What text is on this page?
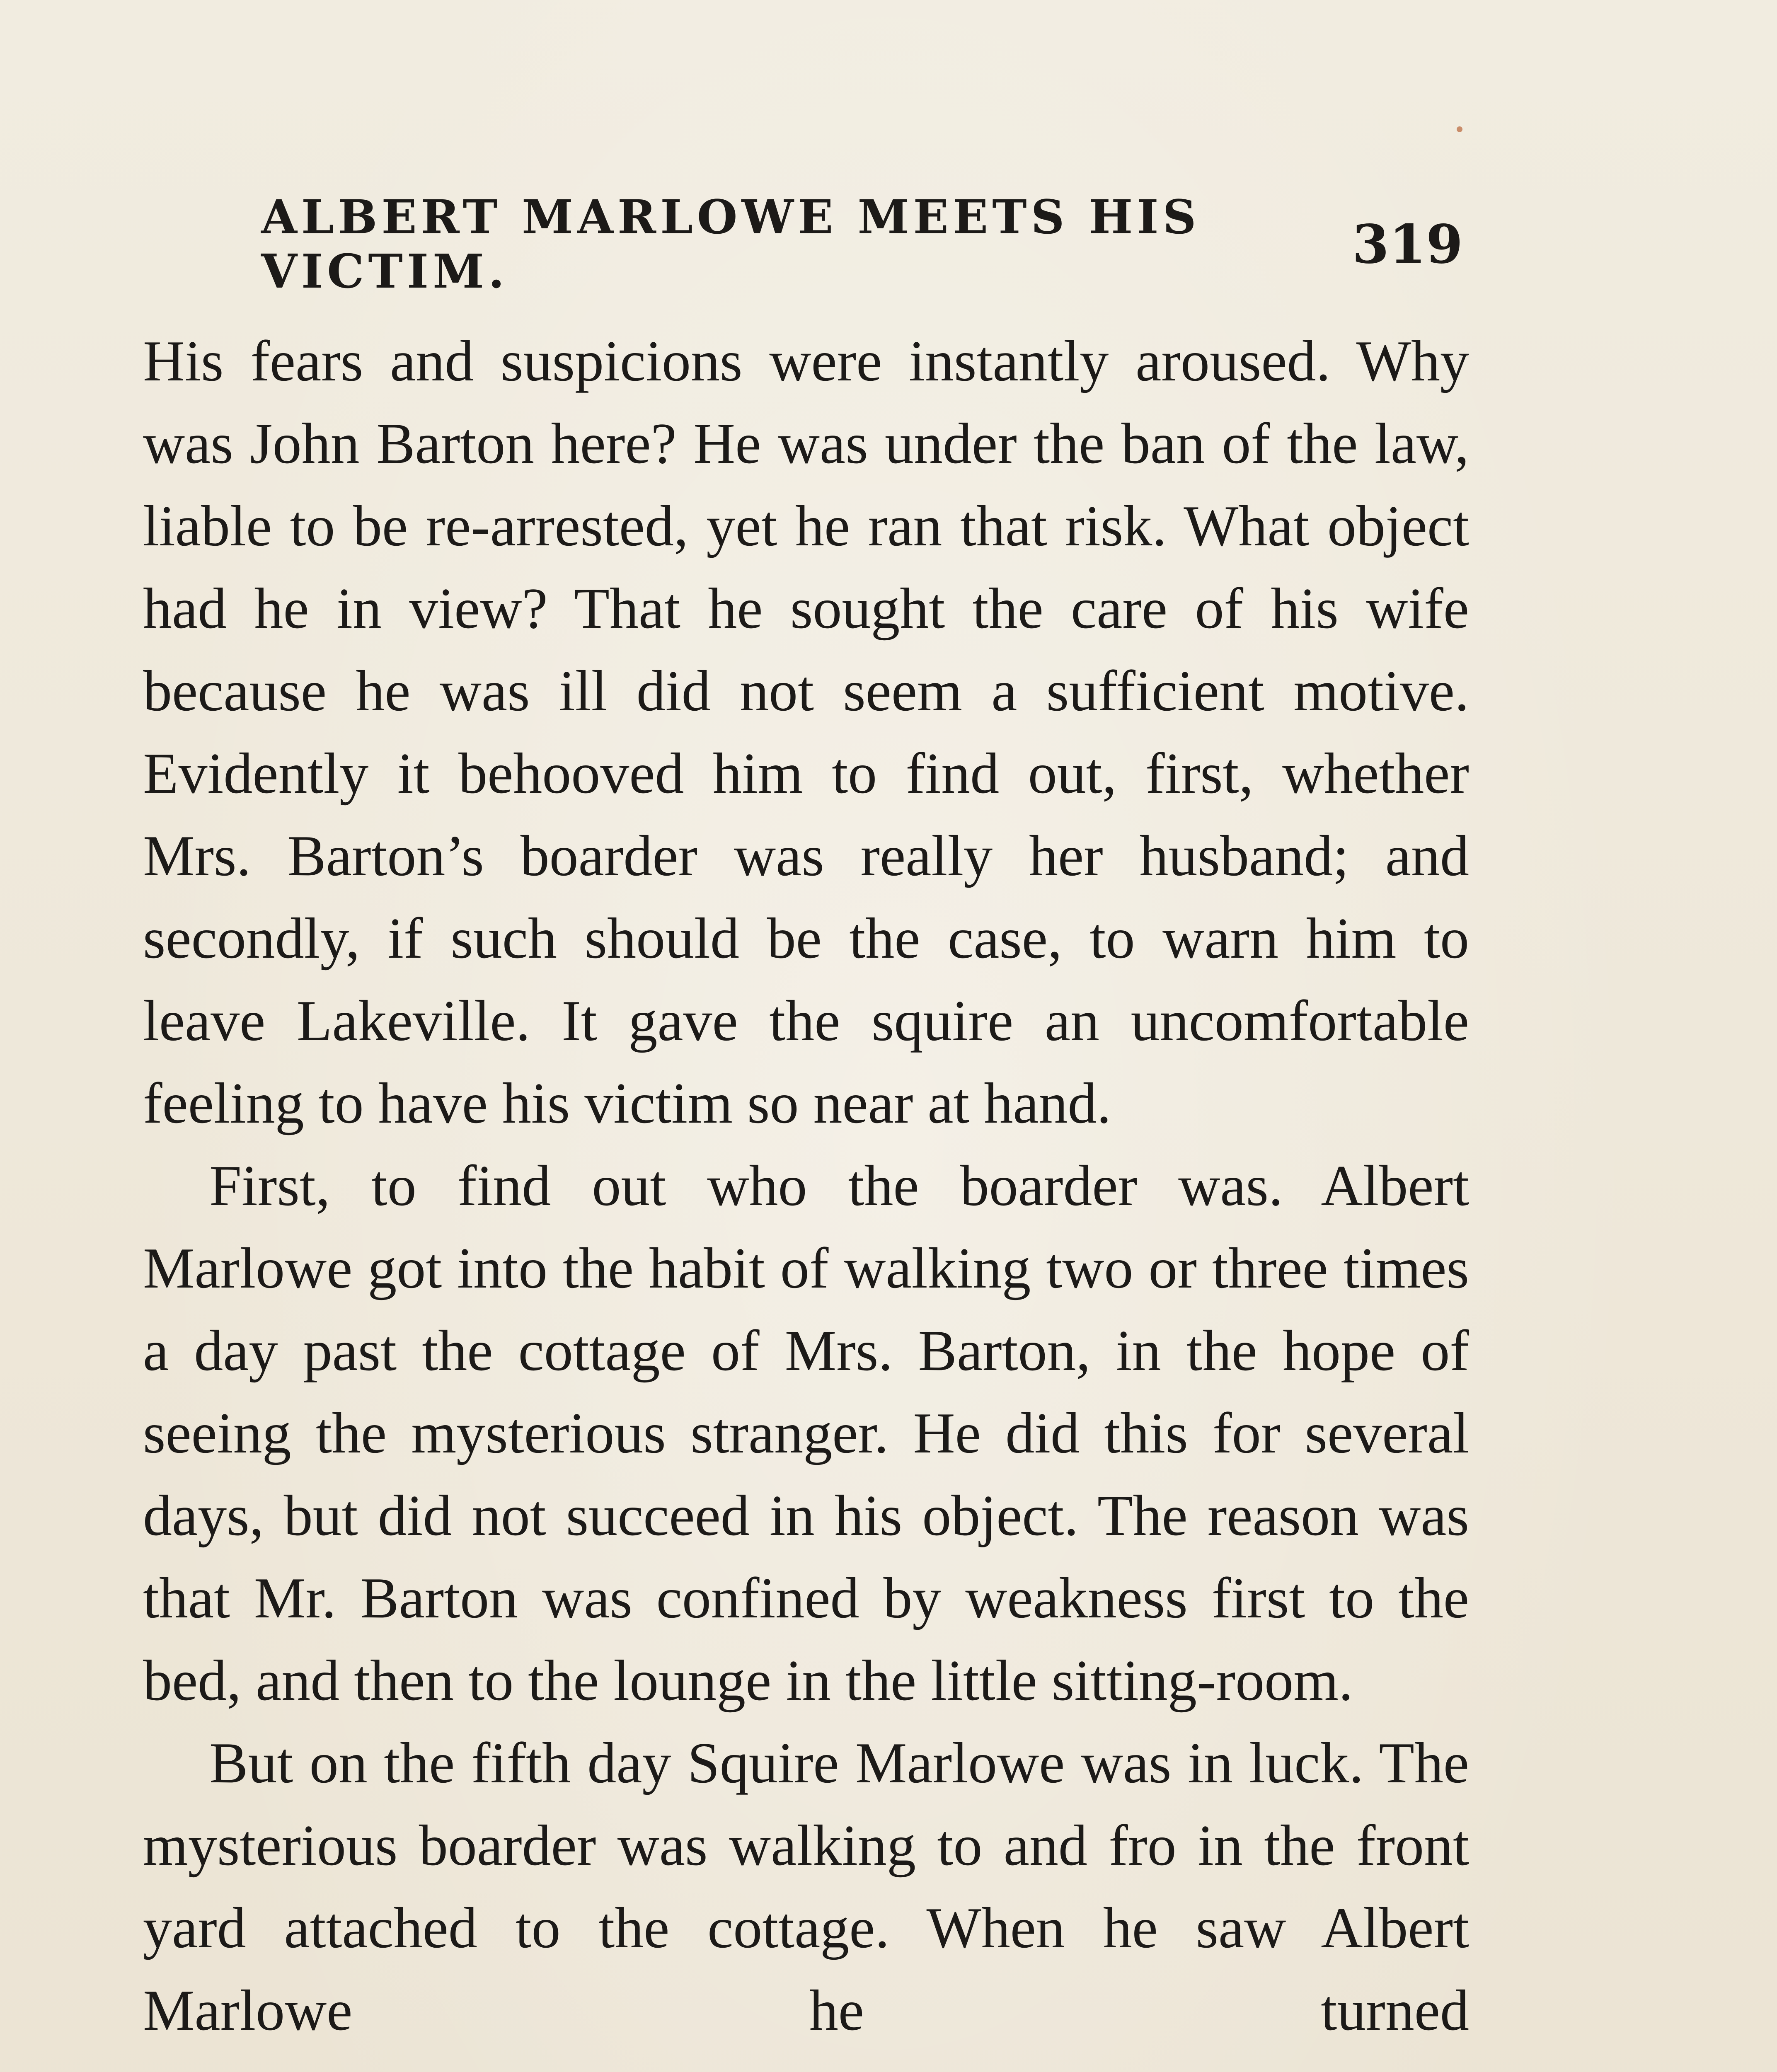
ALBERT MARLOWE MEETS HIS VICTIM.	319

His fears and suspicions were instantly aroused. Why was John Barton here? He was under the ban of the law, liable to be re-arrested, yet he ran that risk. What object had he in view? That he sought the care of his wife because he was ill did not seem a sufficient motive. Evidently it behooved him to find out, first, whether Mrs. Barton’s boarder was really her husband; and secondly, if such should be the case, to warn him to leave Lakeville. It gave the squire an uncomfortable feeling to have his victim so near at hand.

First, to find out who the boarder was. Albert Marlowe got into the habit of walking two or three times a day past the cottage of Mrs. Barton, in the hope of seeing the mysterious stranger. He did this for several days, but did not succeed in his object. The reason was that Mr. Barton was confined by weakness first to the bed, and then to the lounge in the little sitting-room.

But on the fifth day Squire Marlowe was in luck. The mysterious boarder was walking to and fro in the front yard attached to the cottage. When he saw Albert Marlowe he turned
